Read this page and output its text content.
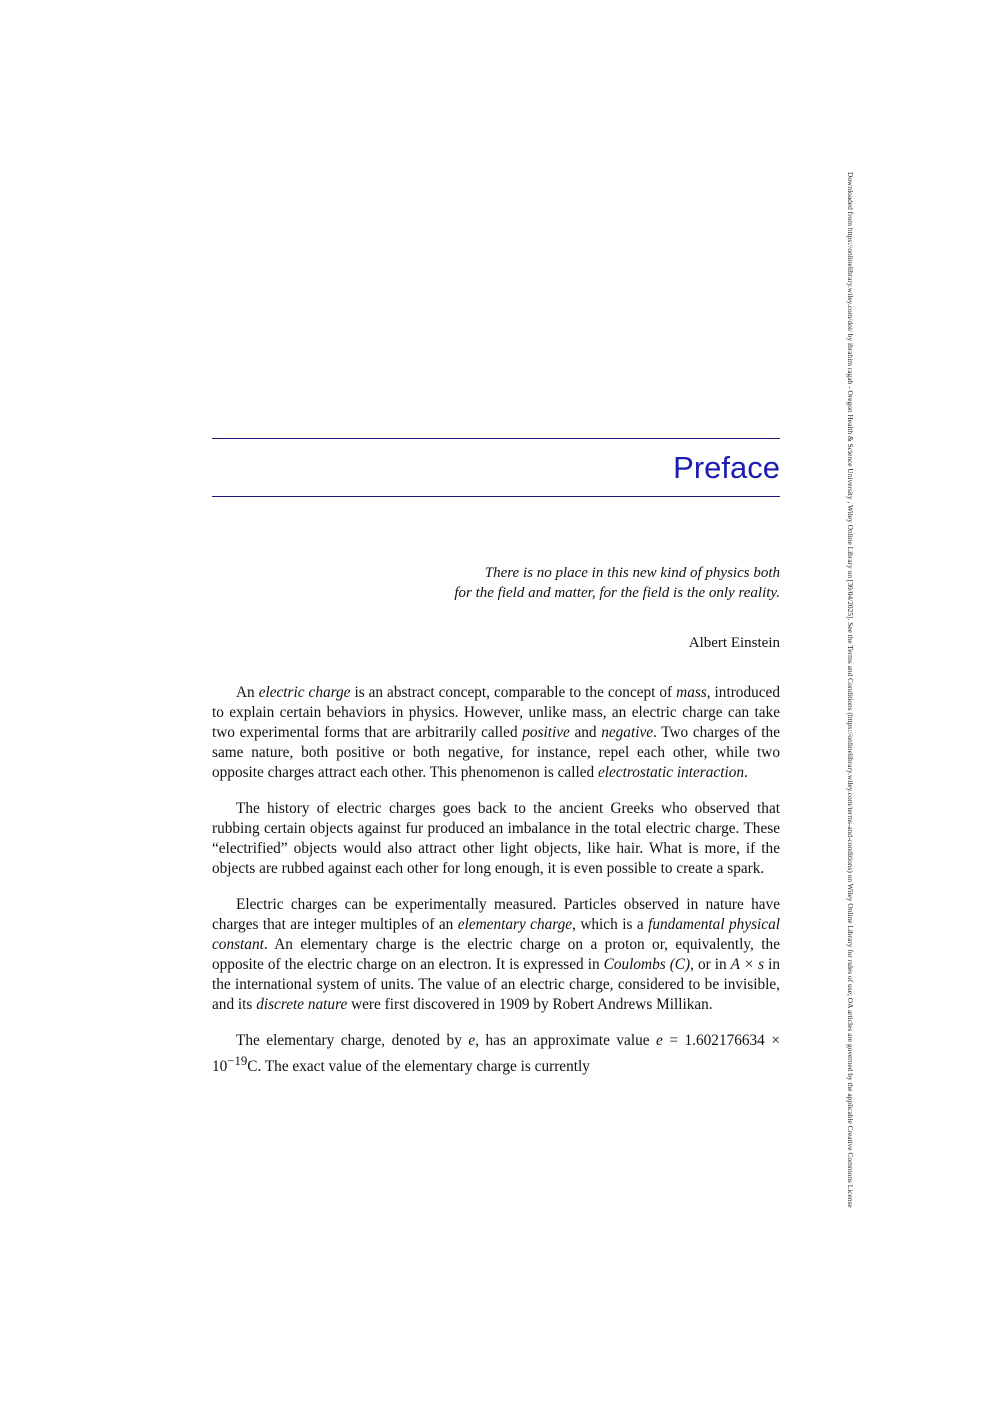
Preface
There is no place in this new kind of physics both
for the field and matter, for the field is the only reality.
Albert Einstein

An electric charge is an abstract concept, comparable to the concept of mass, introduced to explain certain behaviors in physics. However, unlike mass, an electric charge can take two experimental forms that are arbitrarily called positive and negative. Two charges of the same nature, both positive or both negative, for instance, repel each other, while two opposite charges attract each other. This phenomenon is called electrostatic interaction.

The history of electric charges goes back to the ancient Greeks who observed that rubbing certain objects against fur produced an imbalance in the total electric charge. These “electrified” objects would also attract other light objects, like hair. What is more, if the objects are rubbed against each other for long enough, it is even possible to create a spark.

Electric charges can be experimentally measured. Particles observed in nature have charges that are integer multiples of an elementary charge, which is a fundamental physical constant. An elementary charge is the electric charge on a proton or, equivalently, the opposite of the electric charge on an electron. It is expressed in Coulombs (C), or in A × s in the international system of units. The value of an electric charge, considered to be invisible, and its discrete nature were first discovered in 1909 by Robert Andrews Millikan.

The elementary charge, denoted by e, has an approximate value $e = 1.602176634 \times 10^{-19}C$. The exact value of the elementary charge is currently	Downloaded from https://onlinelibrary.wiley.com/doi/ by ibrahim ragab - Oregon Health & Science University , Wiley Online Library on [30/04/2025]. See the Terms and Conditions (https://onlinelibrary.wiley.com/terms-and-conditions) on Wiley Online Library for rules of use; OA articles are governed by the applicable Creative Commons License
